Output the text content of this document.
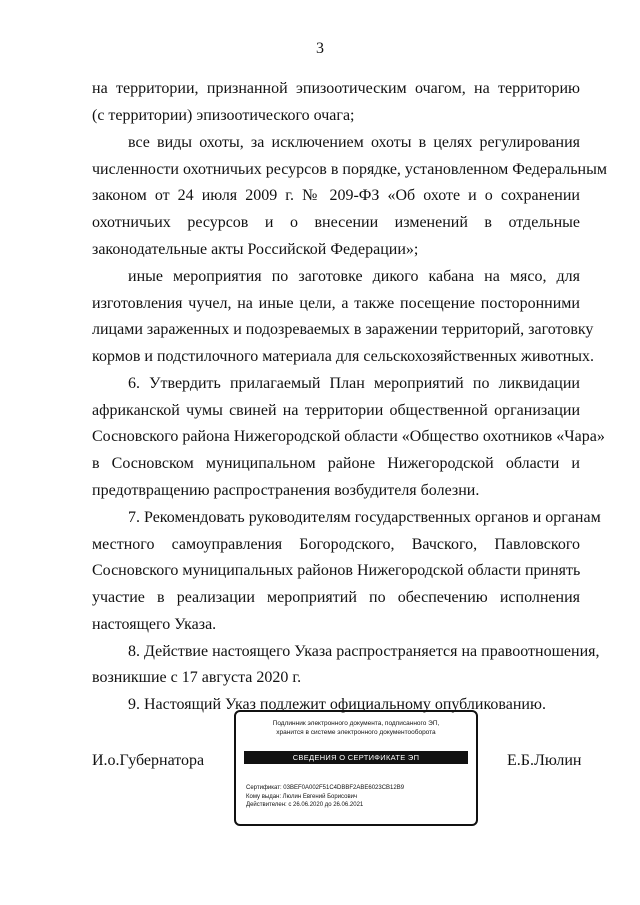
3
на территории, признанной эпизоотическим очагом, на территорию
(с территории) эпизоотического очага;
все виды охоты, за исключением охоты в целях регулирования
численности охотничьих ресурсов в порядке, установленном Федеральным
законом от 24 июля 2009 г. № 209-ФЗ «Об охоте и о сохранении
охотничьих ресурсов и о внесении изменений в отдельные
законодательные акты Российской Федерации»;
иные мероприятия по заготовке дикого кабана на мясо, для
изготовления чучел, на иные цели, а также посещение посторонними
лицами зараженных и подозреваемых в заражении территорий, заготовку
кормов и подстилочного материала для сельскохозяйственных животных.
6. Утвердить прилагаемый План мероприятий по ликвидации
африканской чумы свиней на территории общественной организации
Сосновского района Нижегородской области «Общество охотников «Чара»
в Сосновском муниципальном районе Нижегородской области и
предотвращению распространения возбудителя болезни.
7. Рекомендовать руководителям государственных органов и органам
местного самоуправления Богородского, Вачского, Павловского
Сосновского муниципальных районов Нижегородской области принять
участие в реализации мероприятий по обеспечению исполнения
настоящего Указа.
8. Действие настоящего Указа распространяется на правоотношения,
возникшие с 17 августа 2020 г.
9. Настоящий Указ подлежит официальному опубликованию.
И.о.Губернатора
Подлинник электронного документа, подписанного ЭП,
хранится в системе электронного документооборота
СВЕДЕНИЯ О СЕРТИФИКАТЕ ЭП
Сертификат: 03BEF0A002F51C4DBBF2ABE6023CB12B9
Кому выдан: Люлин Евгений Борисович
Действителен: с 26.06.2020 до 26.06.2021
Е.Б.Люлин
